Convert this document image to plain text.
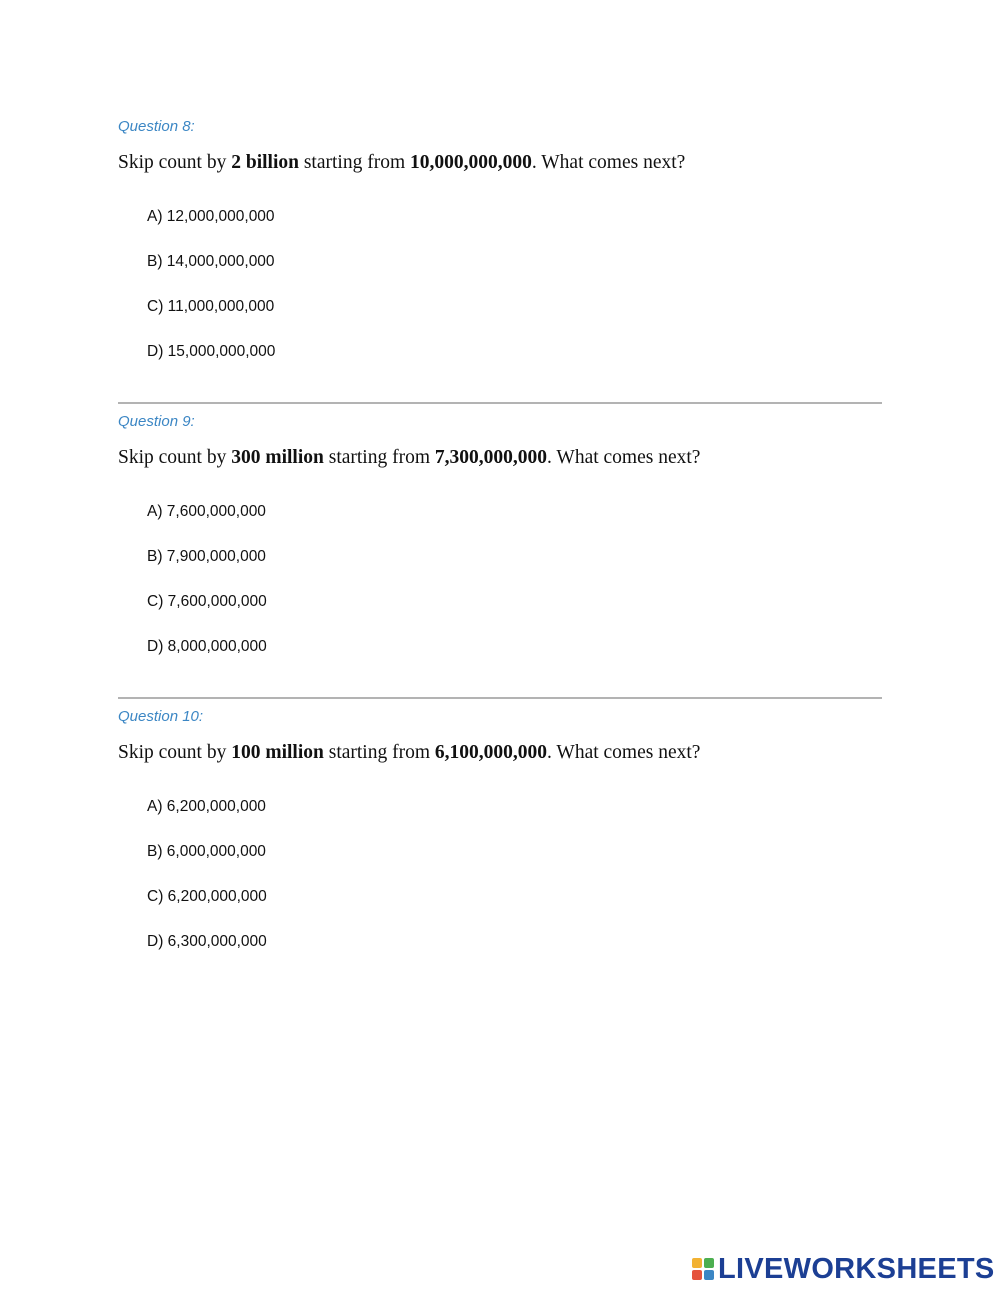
Question 8:
Skip count by 2 billion starting from 10,000,000,000. What comes next?
A) 12,000,000,000
B) 14,000,000,000
C) 11,000,000,000
D) 15,000,000,000
Question 9:
Skip count by 300 million starting from 7,300,000,000. What comes next?
A) 7,600,000,000
B) 7,900,000,000
C) 7,600,000,000
D) 8,000,000,000
Question 10:
Skip count by 100 million starting from 6,100,000,000. What comes next?
A) 6,200,000,000
B) 6,000,000,000
C) 6,200,000,000
D) 6,300,000,000
LIVEWORKSHEETS
